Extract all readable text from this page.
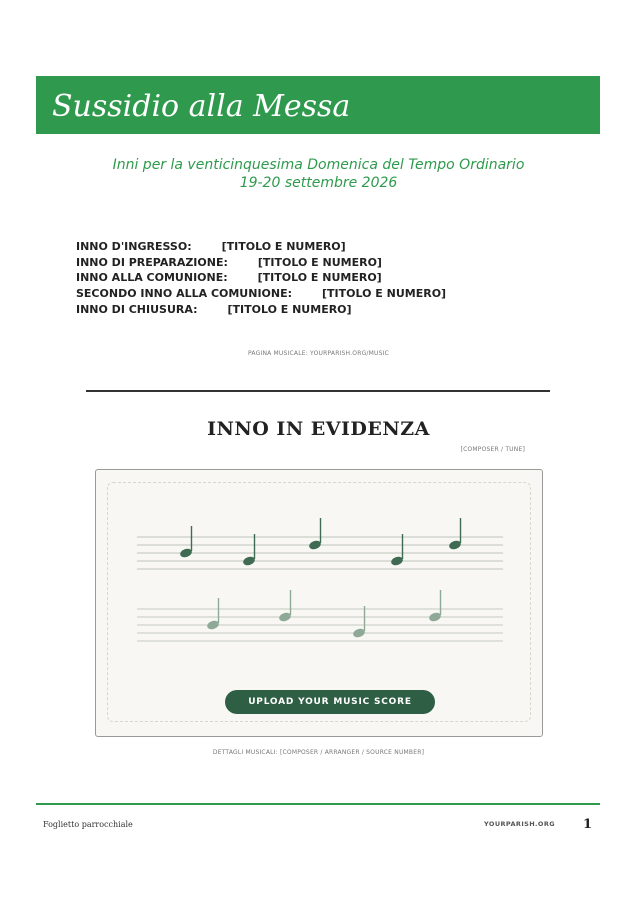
Sussidio alla Messa
Inni per la venticinquesima Domenica del Tempo Ordinario
19-20 settembre 2026
INNO D'INGRESSO:	[TITOLO E NUMERO]
INNO DI PREPARAZIONE:	[TITOLO E NUMERO]
INNO ALLA COMUNIONE:	[TITOLO E NUMERO]
SECONDO INNO ALLA COMUNIONE:	[TITOLO E NUMERO]
INNO DI CHIUSURA:	[TITOLO E NUMERO]
PAGINA MUSICALE: YOURPARISH.ORG/MUSIC
INNO IN EVIDENZA
[COMPOSER / TUNE]
UPLOAD YOUR MUSIC SCORE
DETTAGLI MUSICALI: [COMPOSER / ARRANGER / SOURCE NUMBER]
Foglietto parrocchiale	YOURPARISH.ORG 1
